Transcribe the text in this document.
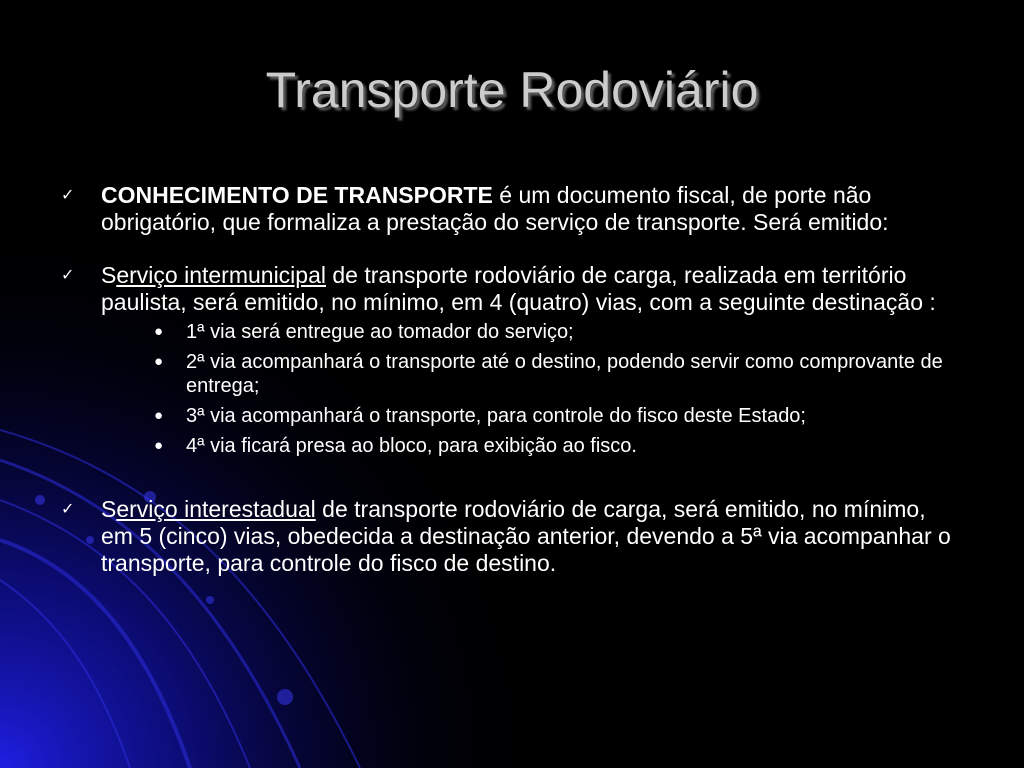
Transporte Rodoviário
✓ CONHECIMENTO DE TRANSPORTE é um documento fiscal, de porte não obrigatório, que formaliza a prestação do serviço de transporte. Será emitido:
✓ Serviço intermunicipal de transporte rodoviário de carga, realizada em território paulista, será emitido, no mínimo, em 4 (quatro) vias, com a seguinte destinação :
● 1ª via será entregue ao tomador do serviço;
● 2ª via acompanhará o transporte até o destino, podendo servir como comprovante de entrega;
● 3ª via acompanhará o transporte, para controle do fisco deste Estado;
● 4ª via ficará presa ao bloco, para exibição ao fisco.
✓ Serviço interestadual de transporte rodoviário de carga, será emitido, no mínimo, em 5 (cinco) vias, obedecida a destinação anterior, devendo a 5ª via acompanhar o transporte, para controle do fisco de destino.
